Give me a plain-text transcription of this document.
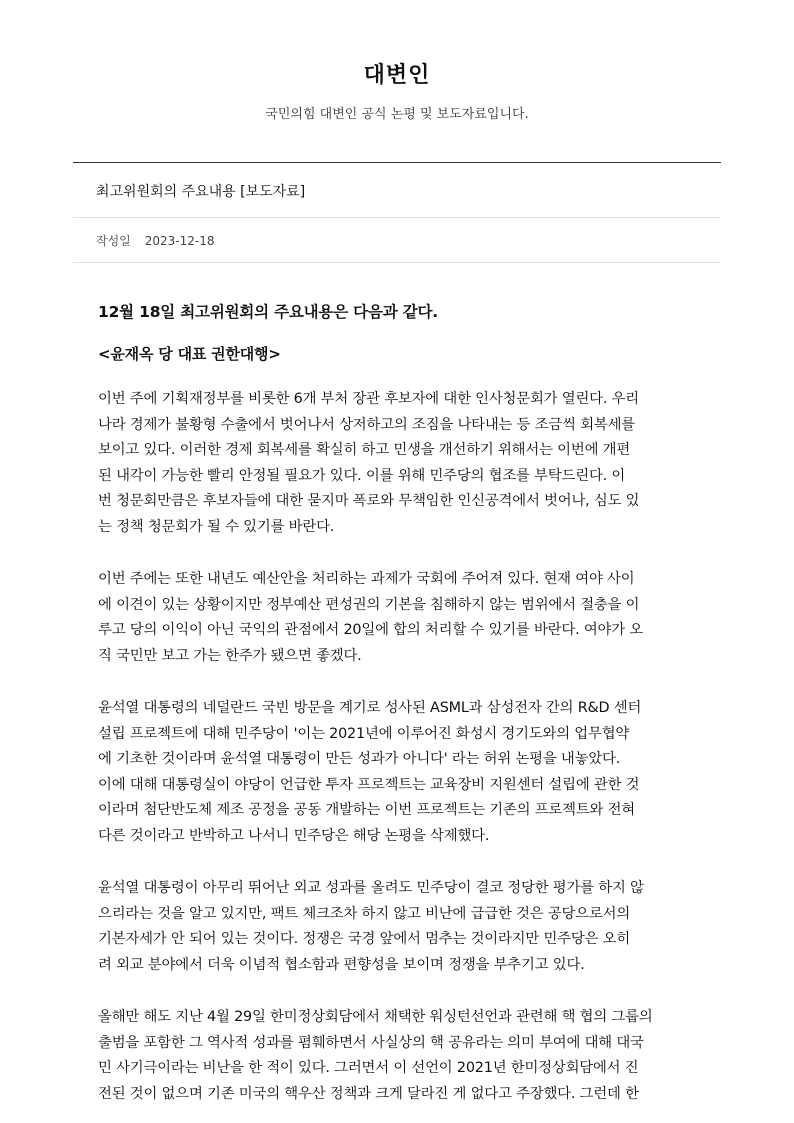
대변인
국민의힘 대변인 공식 논평 및 보도자료입니다.
최고위원회의 주요내용 [보도자료]
작성일 2023-12-18

12월 18일 최고위원회의 주요내용은 다음과 같다.

<윤재옥 당 대표 권한대행>

이번 주에 기획재정부를 비롯한 6개 부처 장관 후보자에 대한 인사청문회가 열린다. 우리

나라 경제가 불황형 수출에서 벗어나서 상저하고의 조짐을 나타내는 등 조금씩 회복세를

보이고 있다. 이러한 경제 회복세를 확실히 하고 민생을 개선하기 위해서는 이번에 개편

된 내각이 가능한 빨리 안정될 필요가 있다. 이를 위해 민주당의 협조를 부탁드린다. 이

번 청문회만큼은 후보자들에 대한 묻지마 폭로와 무책임한 인신공격에서 벗어나, 심도 있

는 정책 청문회가 될 수 있기를 바란다.

이번 주에는 또한 내년도 예산안을 처리하는 과제가 국회에 주어져 있다. 현재 여야 사이

에 이견이 있는 상황이지만 정부예산 편성권의 기본을 침해하지 않는 범위에서 절충을 이

루고 당의 이익이 아닌 국익의 관점에서 20일에 합의 처리할 수 있기를 바란다. 여야가 오

직 국민만 보고 가는 한주가 됐으면 좋겠다.

윤석열 대통령의 네덜란드 국빈 방문을 계기로 성사된 ASML과 삼성전자 간의 R&D 센터

설립 프로젝트에 대해 민주당이 '이는 2021년에 이루어진 화성시 경기도와의 업무협약

에 기초한 것이라며 윤석열 대통령이 만든 성과가 아니다' 라는 허위 논평을 내놓았다.

이에 대해 대통령실이 야당이 언급한 투자 프로젝트는 교육장비 지원센터 설립에 관한 것

이라며 첨단반도체 제조 공정을 공동 개발하는 이번 프로젝트는 기존의 프로젝트와 전혀

다른 것이라고 반박하고 나서니 민주당은 해당 논평을 삭제했다.

윤석열 대통령이 아무리 뛰어난 외교 성과를 올려도 민주당이 결코 정당한 평가를 하지 않

으리라는 것을 알고 있지만, 팩트 체크조차 하지 않고 비난에 급급한 것은 공당으로서의

기본자세가 안 되어 있는 것이다. 정쟁은 국경 앞에서 멈추는 것이라지만 민주당은 오히

려 외교 분야에서 더욱 이념적 협소함과 편향성을 보이며 정쟁을 부추기고 있다.

올해만 해도 지난 4월 29일 한미정상회담에서 채택한 워싱턴선언과 관련해 핵 협의 그룹의

출범을 포함한 그 역사적 성과를 폄훼하면서 사실상의 핵 공유라는 의미 부여에 대해 대국

민 사기극이라는 비난을 한 적이 있다. 그러면서 이 선언이 2021년 한미정상회담에서 진

전된 것이 없으며 기존 미국의 핵우산 정책과 크게 달라진 게 없다고 주장했다. 그런데 한
